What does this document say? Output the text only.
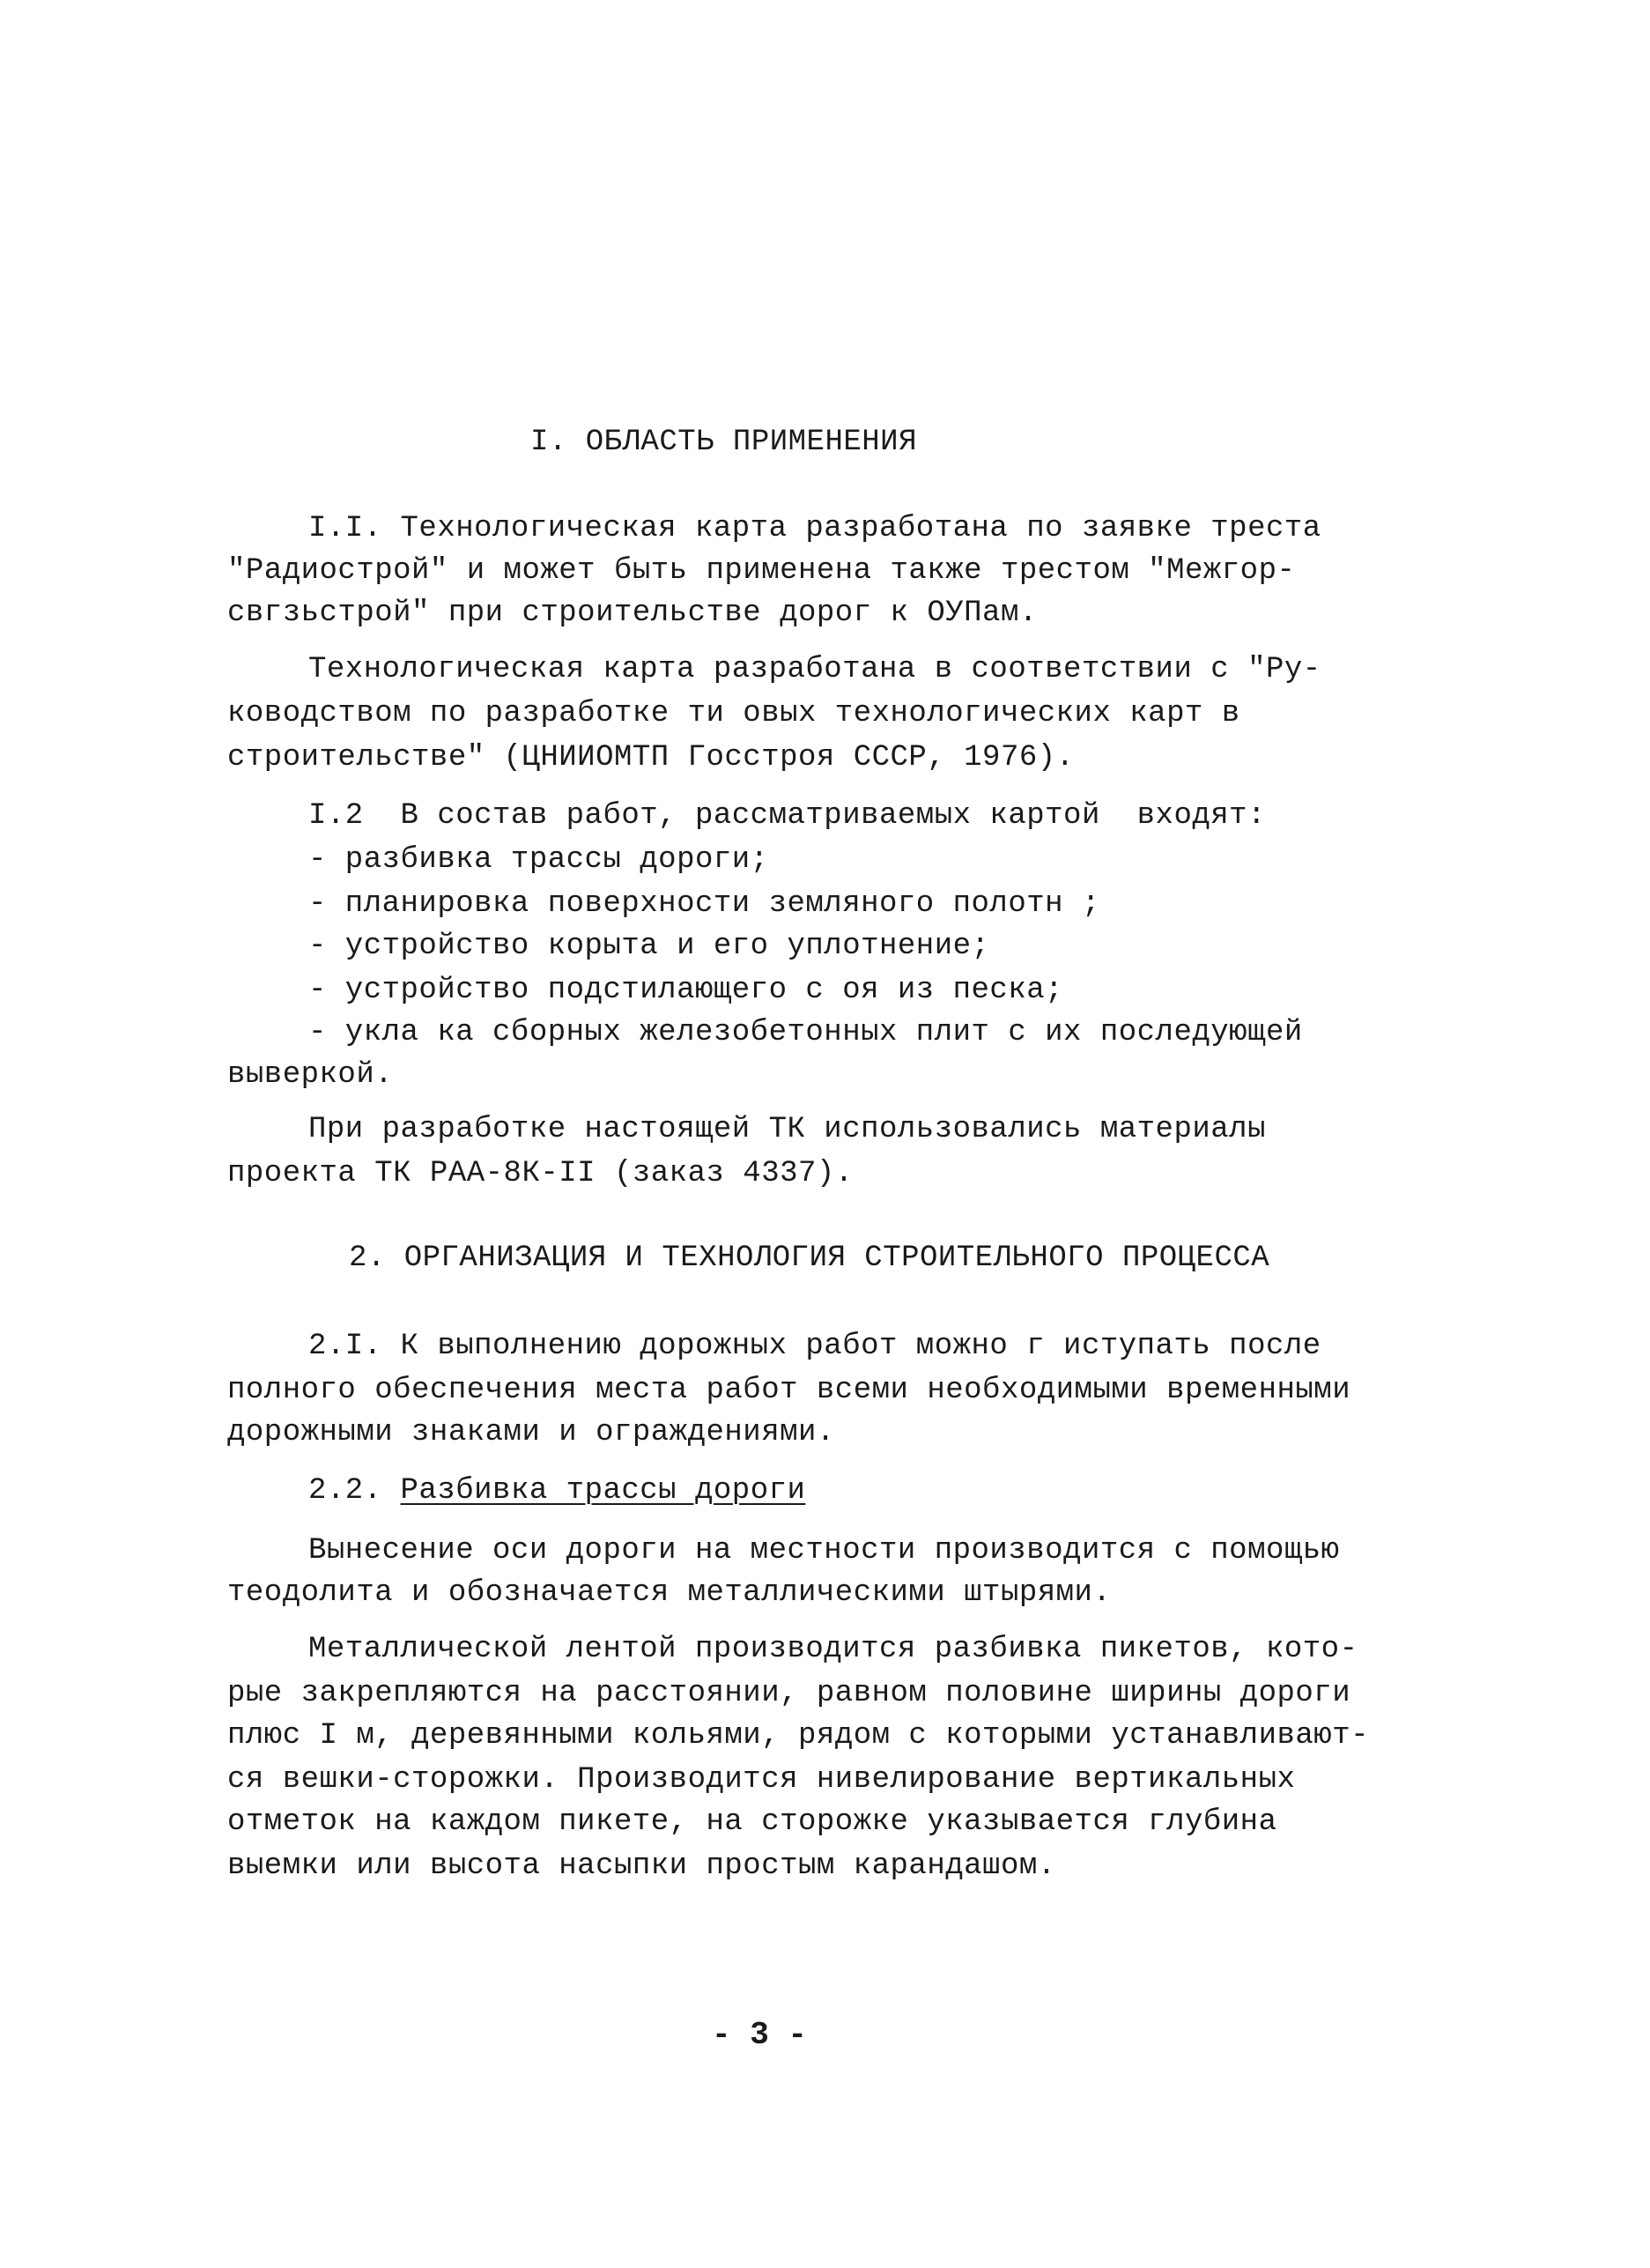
I. ОБЛАСТЬ ПРИМЕНЕНИЯ
I.I. Технологическая карта разработана по заявке треста
"Радиострой" и может быть применена также трестом "Межгор-
свгзьстрой" при строительстве дорог к ОУПам.
Технологическая карта разработана в соответствии с "Ру-
ководством по разработке ти овых технологических карт в
строительстве" (ЦНИИОМТП Госстроя СССР, 1976).
I.2  В состав работ, рассматриваемых картой  входят:
- разбивка трассы дороги;
- планировка поверхности земляного полотн ;
- устройство корыта и его уплотнение;
- устройство подстилающего с оя из песка;
- укла ка сборных железобетонных плит с их последующей
выверкой.
При разработке настоящей ТК использовались материалы
проекта ТК РАА-8К-II (заказ 4337).
2. ОРГАНИЗАЦИЯ И ТЕХНОЛОГИЯ СТРОИТЕЛЬНОГО ПРОЦЕССА
2.I. К выполнению дорожных работ можно г иступать после
полного обеспечения места работ всеми необходимыми временными
дорожными знаками и ограждениями.
2.2. Разбивка трассы дороги
Вынесение оси дороги на местности производится с помощью
теодолита и обозначается металлическими штырями.
Металлической лентой производится разбивка пикетов, кото-
рые закрепляются на расстоянии, равном половине ширины дороги
плюс I м, деревянными кольями, рядом с которыми устанавливают-
ся вешки-сторожки. Производится нивелирование вертикальных
отметок на каждом пикете, на сторожке указывается глубина
выемки или высота насыпки простым карандашом.
- 3 -
